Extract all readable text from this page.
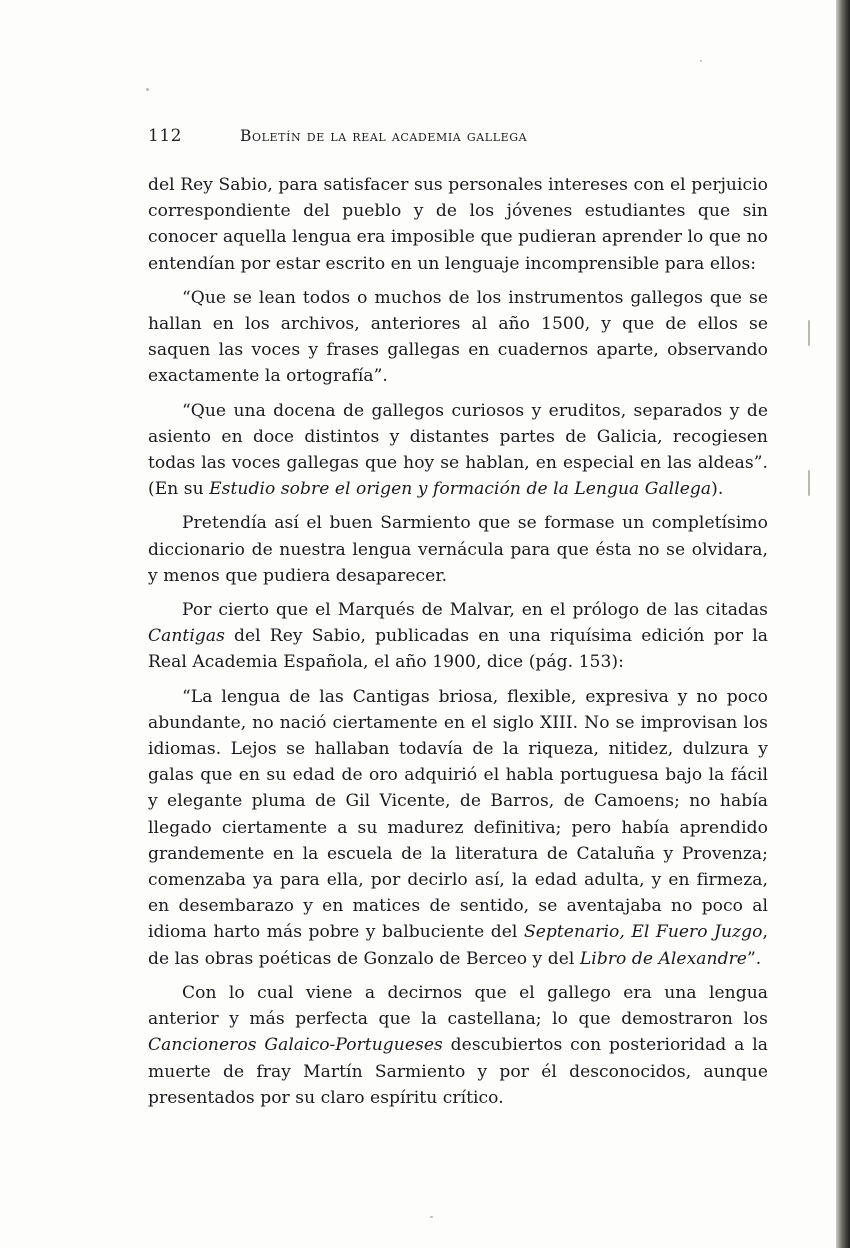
112	boletín de la real academia gallega

del Rey Sabio, para satisfacer sus personales intereses con el perjuicio correspondiente del pueblo y de los jóvenes estudiantes que sin conocer aquella lengua era imposible que pudieran aprender lo que no entendían por estar escrito en un lenguaje incomprensible para ellos:

“Que se lean todos o muchos de los instrumentos gallegos que se hallan en los archivos, anteriores al año 1500, y que de ellos se saquen las voces y frases gallegas en cuadernos aparte, observando exactamente la ortografía”.

“Que una docena de gallegos curiosos y eruditos, separados y de asiento en doce distintos y distantes partes de Galicia, recogiesen todas las voces gallegas que hoy se hablan, en especial en las aldeas”. (En su Estudio sobre el origen y formación de la Lengua Gallega).

Pretendía así el buen Sarmiento que se formase un completísimo diccionario de nuestra lengua vernácula para que ésta no se olvidara, y menos que pudiera desaparecer.

Por cierto que el Marqués de Malvar, en el prólogo de las citadas Cantigas del Rey Sabio, publicadas en una riquísima edición por la Real Academia Española, el año 1900, dice (pág. 153):

“La lengua de las Cantigas briosa, flexible, expresiva y no poco abundante, no nació ciertamente en el siglo XIII. No se improvisan los idiomas. Lejos se hallaban todavía de la riqueza, nitidez, dulzura y galas que en su edad de oro adquirió el habla portuguesa bajo la fácil y elegante pluma de Gil Vicente, de Barros, de Camoens; no había llegado ciertamente a su madurez definitiva; pero había aprendido grandemente en la escuela de la literatura de Cataluña y Provenza; comenzaba ya para ella, por decirlo así, la edad adulta, y en firmeza, en desembarazo y en matices de sentido, se aventajaba no poco al idioma harto más pobre y balbuciente del Septenario, El Fuero Juzgo, de las obras poéticas de Gonzalo de Berceo y del Libro de Alexandre”.

Con lo cual viene a decirnos que el gallego era una lengua anterior y más perfecta que la castellana; lo que demostraron los Cancioneros Galaico-Portugueses descubiertos con posterioridad a la muerte de fray Martín Sarmiento y por él desconocidos, aunque presentados por su claro espíritu crítico.
